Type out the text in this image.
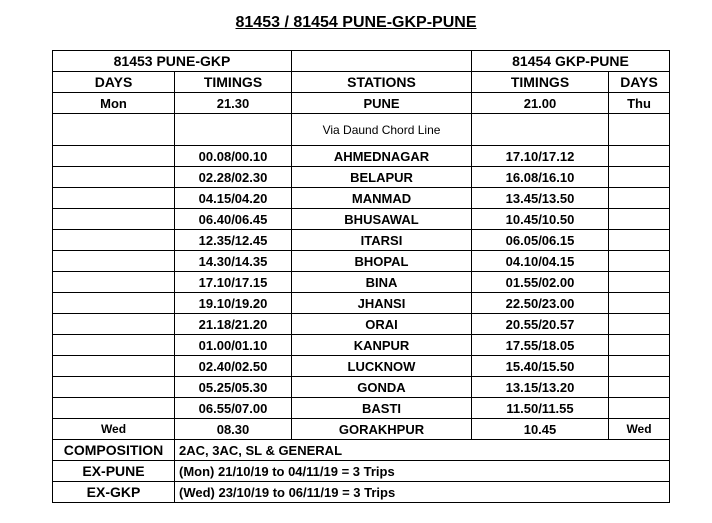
81453 / 81454 PUNE-GKP-PUNE
81453 PUNE-GKP			81454 GKP-PUNE	
DAYS	TIMINGS	STATIONS	TIMINGS	DAYS
Mon	21.30	PUNE	21.00	Thu
		Via Daund Chord Line		
	00.08/00.10	AHMEDNAGAR	17.10/17.12	
	02.28/02.30	BELAPUR	16.08/16.10	
	04.15/04.20	MANMAD	13.45/13.50	
	06.40/06.45	BHUSAWAL	10.45/10.50	
	12.35/12.45	ITARSI	06.05/06.15	
	14.30/14.35	BHOPAL	04.10/04.15	
	17.10/17.15	BINA	01.55/02.00	
	19.10/19.20	JHANSI	22.50/23.00	
	21.18/21.20	ORAI	20.55/20.57	
	01.00/01.10	KANPUR	17.55/18.05	
	02.40/02.50	LUCKNOW	15.40/15.50	
	05.25/05.30	GONDA	13.15/13.20	
	06.55/07.00	BASTI	11.50/11.55	
Wed	08.30	GORAKHPUR	10.45	Wed
COMPOSITION	2AC, 3AC, SL & GENERAL			
EX-PUNE	(Mon) 21/10/19 to 04/11/19 = 3 Trips			
EX-GKP	(Wed) 23/10/19 to 06/11/19 = 3 Trips			
